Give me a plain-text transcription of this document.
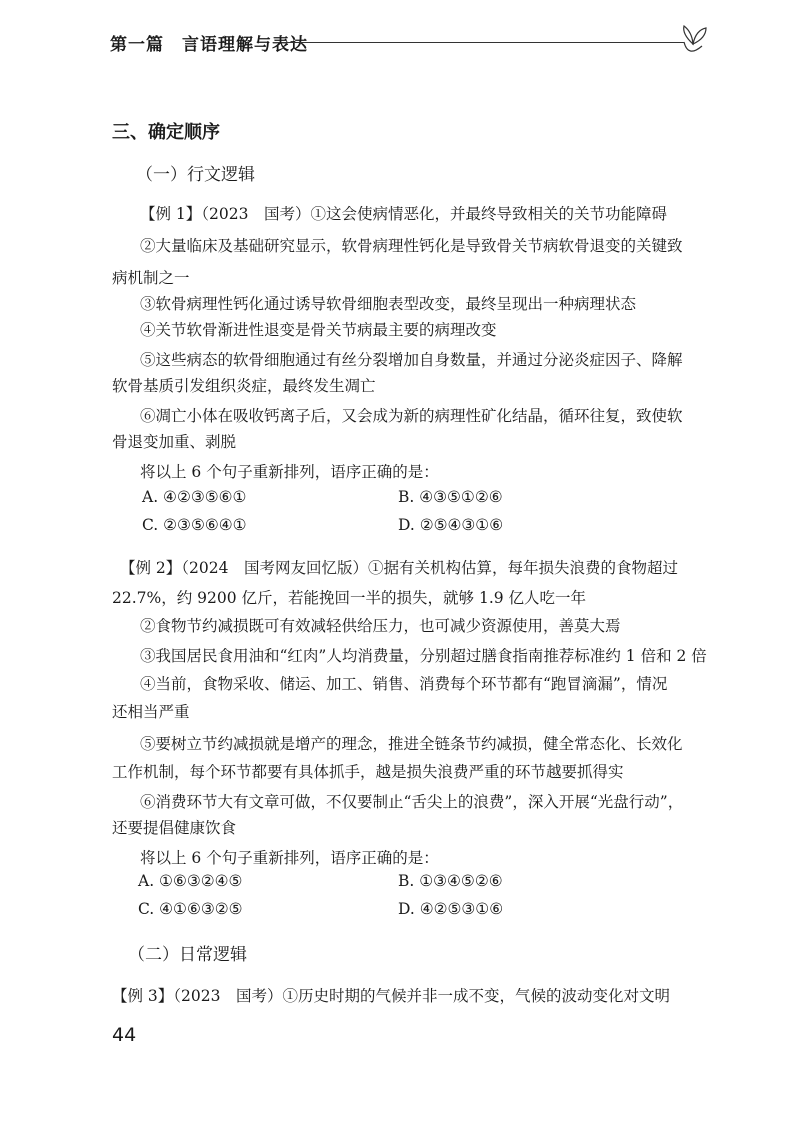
第一篇　言语理解与表达
三、确定顺序
（一）行文逻辑
【例 1】（2023　国考）①这会使病情恶化，并最终导致相关的关节功能障碍
②大量临床及基础研究显示，软骨病理性钙化是导致骨关节病软骨退变的关键致
病机制之一
③软骨病理性钙化通过诱导软骨细胞表型改变，最终呈现出一种病理状态
④关节软骨渐进性退变是骨关节病最主要的病理改变
⑤这些病态的软骨细胞通过有丝分裂增加自身数量，并通过分泌炎症因子、降解
软骨基质引发组织炎症，最终发生凋亡
⑥凋亡小体在吸收钙离子后，又会成为新的病理性矿化结晶，循环往复，致使软
骨退变加重、剥脱
将以上 6 个句子重新排列，语序正确的是：
A. ④②③⑤⑥①	B. ④③⑤①②⑥
C. ②③⑤⑥④①	D. ②⑤④③①⑥
【例 2】（2024　国考网友回忆版）①据有关机构估算，每年损失浪费的食物超过
22.7%，约 9200 亿斤，若能挽回一半的损失，就够 1.9 亿人吃一年
②食物节约减损既可有效减轻供给压力，也可减少资源使用，善莫大焉
③我国居民食用油和“红肉”人均消费量，分别超过膳食指南推荐标准约 1 倍和 2 倍
④当前，食物采收、储运、加工、销售、消费每个环节都有“跑冒滴漏”，情况
还相当严重
⑤要树立节约减损就是增产的理念，推进全链条节约减损，健全常态化、长效化
工作机制，每个环节都要有具体抓手，越是损失浪费严重的环节越要抓得实
⑥消费环节大有文章可做，不仅要制止“舌尖上的浪费”，深入开展“光盘行动”，
还要提倡健康饮食
将以上 6 个句子重新排列，语序正确的是：
A. ①⑥③②④⑤	B. ①③④⑤②⑥
C. ④①⑥③②⑤	D. ④②⑤③①⑥
（二）日常逻辑
【例 3】（2023　国考）①历史时期的气候并非一成不变，气候的波动变化对文明
44
